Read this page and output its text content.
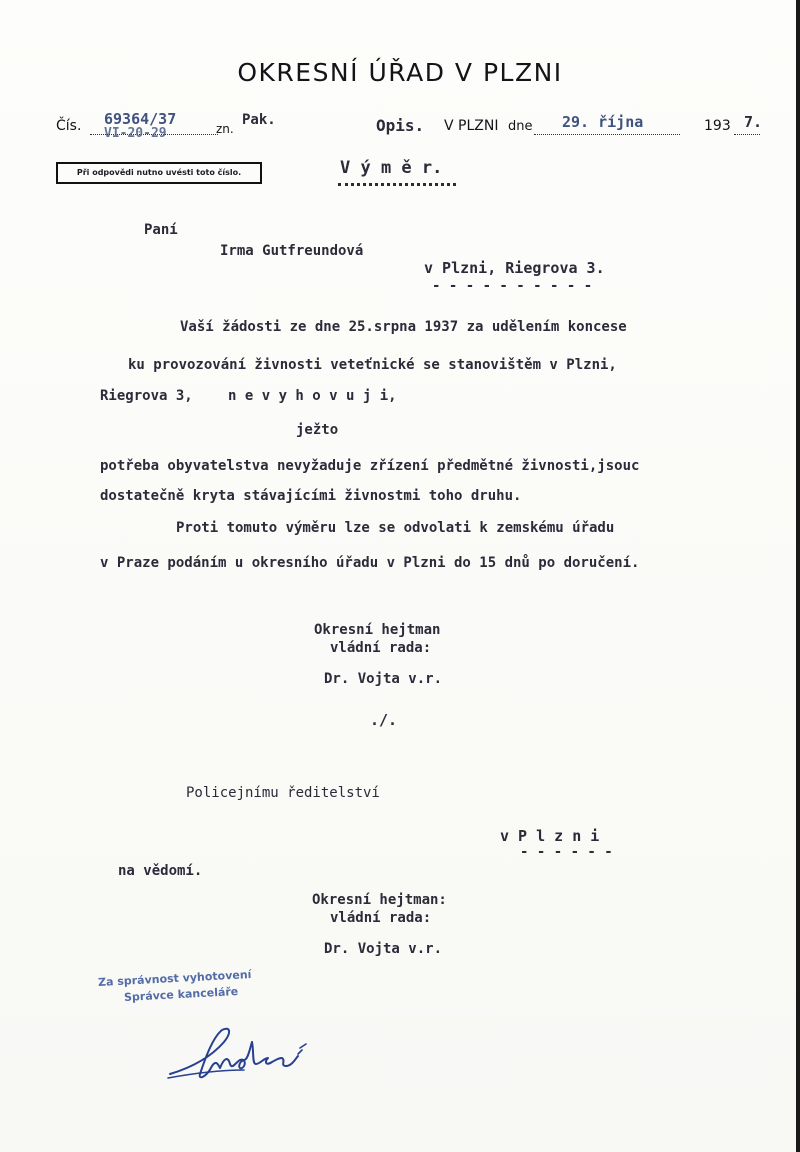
OKRESNÍ ÚŘAD V PLZNI
Čís. 69364/37
VI-20-29	zn.
Pak.	Opis. V PLZNI dne 29. října	193 7.
Při odpovědi nutno uvésti toto číslo.	V ý m ě r.
Paní
Irma Gutfreundová
v Plzni, Riegrova 3.
- - - - - - - - - -
Vaší žádosti ze dne 25.srpna 1937 za udělením koncese
ku provozování živnosti veteťnické se stanovištěm v Plzni,
Riegrova 3,	n e v y h o v u j i,
ježto
potřeba obyvatelstva nevyžaduje zřízení předmětné živnosti,jsouc
dostatečně kryta stávajícími živnostmi toho druhu.
Proti tomuto výměru lze se odvolati k zemskému úřadu
v Praze podáním u okresního úřadu v Plzni do 15 dnů po doručení.
Okresní hejtman
vládní rada:
Dr. Vojta v.r.
./.
Policejnímu ředitelství
v P l z n i
- - - - - -
na vědomí.
Okresní hejtman:
vládní rada:
Dr. Vojta v.r.
Za správnost vyhotovení
Správce kanceláře
